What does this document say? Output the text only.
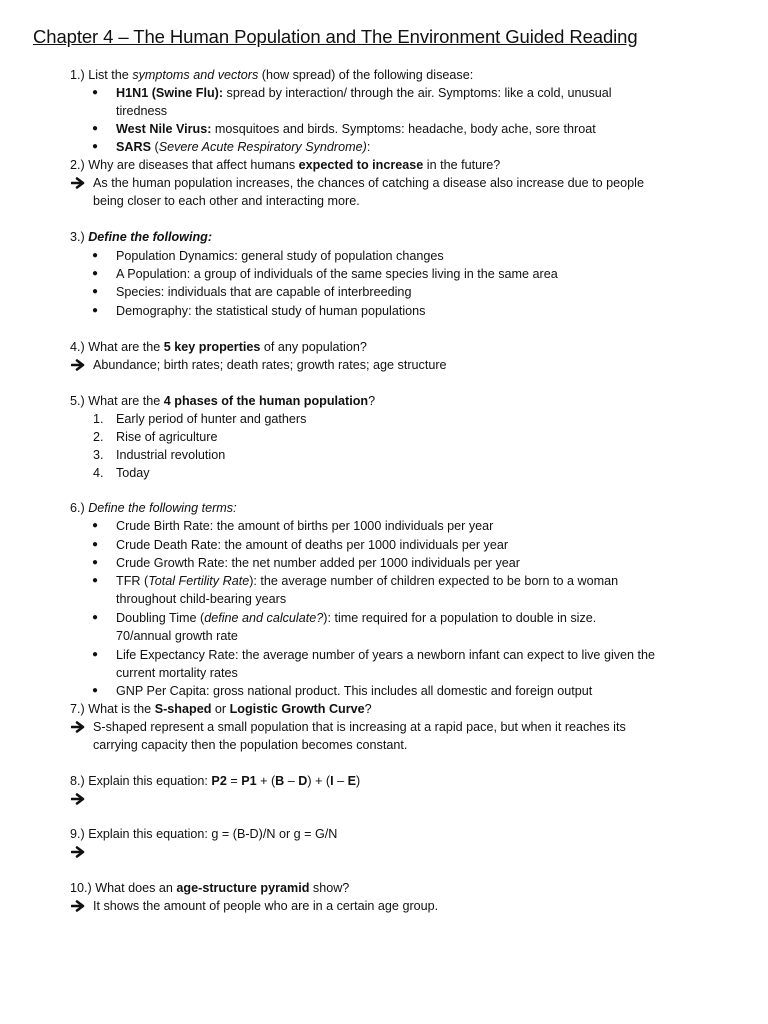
Chapter 4 – The Human Population and The Environment Guided Reading
1.) List the symptoms and vectors (how spread) of the following disease:
● H1N1 (Swine Flu): spread by interaction/ through the air. Symptoms: like a cold, unusual
tiredness
● West Nile Virus: mosquitoes and birds. Symptoms: headache, body ache, sore throat
● SARS (Severe Acute Respiratory Syndrome):
2.) Why are diseases that affect humans expected to increase in the future?
As the human population increases, the chances of catching a disease also increase due to people
being closer to each other and interacting more.
3.) Define the following:
● Population Dynamics: general study of population changes
● A Population: a group of individuals of the same species living in the same area
● Species: individuals that are capable of interbreeding
● Demography: the statistical study of human populations
4.) What are the 5 key properties of any population?
Abundance; birth rates; death rates; growth rates; age structure
5.) What are the 4 phases of the human population?
1. Early period of hunter and gathers
2. Rise of agriculture
3. Industrial revolution
4. Today
6.) Define the following terms:
● Crude Birth Rate: the amount of births per 1000 individuals per year
● Crude Death Rate: the amount of deaths per 1000 individuals per year
● Crude Growth Rate: the net number added per 1000 individuals per year
● TFR (Total Fertility Rate): the average number of children expected to be born to a woman
throughout child-bearing years
● Doubling Time (define and calculate?): time required for a population to double in size.
70/annual growth rate
● Life Expectancy Rate: the average number of years a newborn infant can expect to live given the
current mortality rates
● GNP Per Capita: gross national product. This includes all domestic and foreign output
7.) What is the S-shaped or Logistic Growth Curve?
S-shaped represent a small population that is increasing at a rapid pace, but when it reaches its
carrying capacity then the population becomes constant.
8.) Explain this equation: P2 = P1 + (B – D) + (I – E)
9.) Explain this equation: g = (B-D)/N or g = G/N
10.) What does an age-structure pyramid show?
It shows the amount of people who are in a certain age group.
